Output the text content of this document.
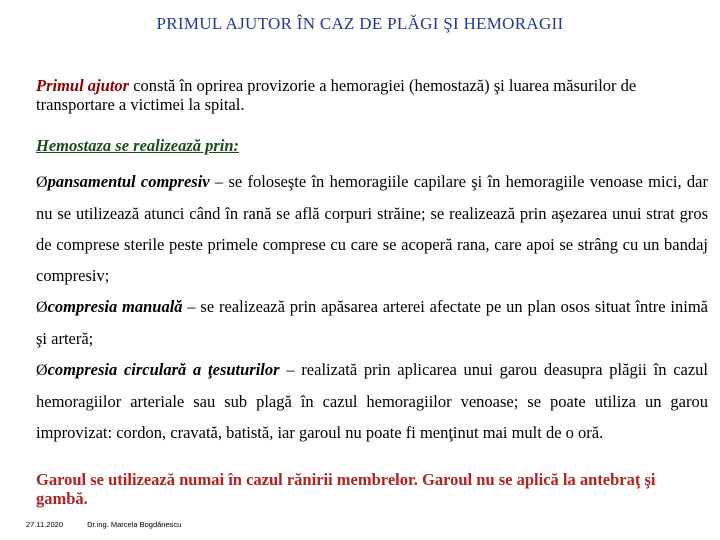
PRIMUL AJUTOR ÎN CAZ DE PLĂGI ŞI HEMORAGII
Primul ajutor constă în oprirea provizorie a hemoragiei (hemostază) şi luarea măsurilor de transportare a victimei la spital.
Hemostaza se realizează prin:

Øpansamentul compresiv – se foloseşte în hemoragiile capilare şi în hemoragiile venoase mici, dar nu se utilizează atunci când în rană se află corpuri străine; se realizează prin aşezarea unui strat gros de comprese sterile peste primele comprese cu care se acoperă rana, care apoi se strâng cu un bandaj compresiv;

Øcompresia manuală – se realizează prin apăsarea arterei afectate pe un plan osos situat între inimă şi arteră;

Øcompresia circulară a ţesuturilor – realizată prin aplicarea unui garou deasupra plăgii în cazul hemoragiilor arteriale sau sub plagă în cazul hemoragiilor venoase; se poate utiliza un garou improvizat: cordon, cravată, batistă, iar garoul nu poate fi menţinut mai mult de o oră.

Garoul se utilizează numai în cazul rănirii membrelor. Garoul nu se aplică la antebraţ şi gambă.
27.11.2020	Dr.ing. Marcela Bogdănescu
